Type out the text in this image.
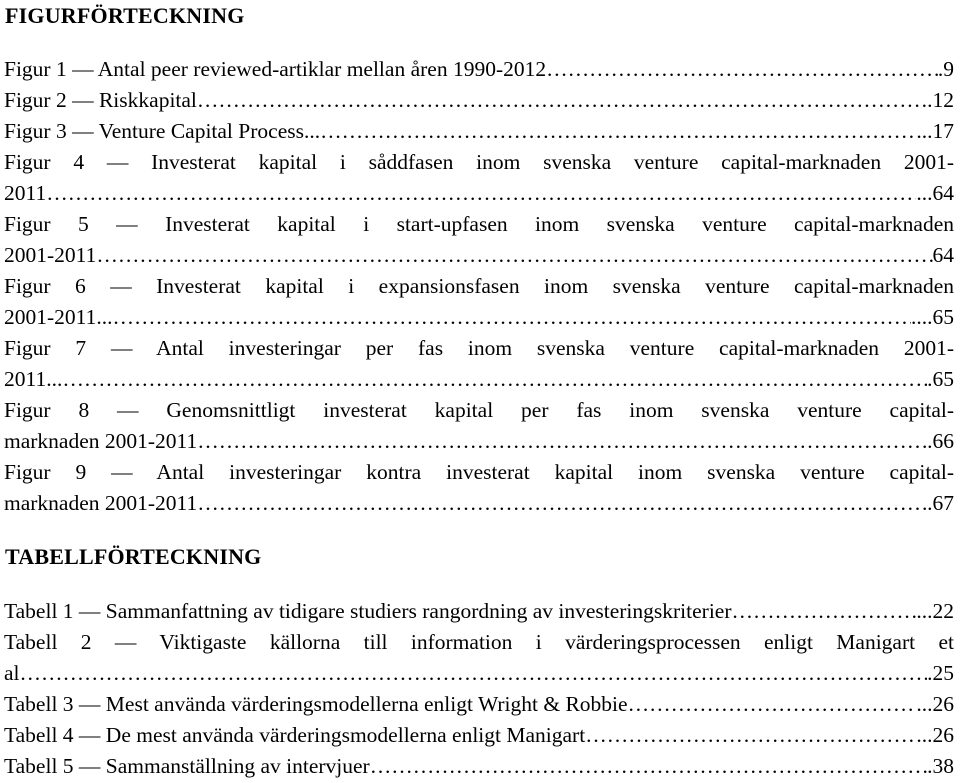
FIGURFÖRTECKNING
Figur 1 — Antal peer reviewed-artiklar mellan åren 1990-2012 …………………………………………………………………………………………………………………………………………………………………………	.9
Figur 2 — Riskkapital …………………………………………………………………………………………………………………………………………………………………………	.12
Figur 3 — Venture Capital Process... …………………………………………………………………………………………………………………………………………………………………………	...17
Figur 4 — Investerat kapital i såddfasen inom svenska venture capital-marknaden 2001-
2011 …………………………………………………………………………………………………………………………………………………………………………	...64
Figur 5 — Investerat kapital i start-upfasen inom svenska venture capital-marknaden
2001-2011 …………………………………………………………………………………………………………………………………………………………………………	64
Figur 6 — Investerat kapital i expansionsfasen inom svenska venture capital-marknaden
2001-2011... …………………………………………………………………………………………………………………………………………………………………………	....65
Figur 7 — Antal investeringar per fas inom svenska venture capital-marknaden 2001-
2011... …………………………………………………………………………………………………………………………………………………………………………	.65
Figur 8 — Genomsnittligt investerat kapital per fas inom svenska venture capital-
marknaden 2001-2011 …………………………………………………………………………………………………………………………………………………………………………	.66
Figur 9 — Antal investeringar kontra investerat kapital inom svenska venture capital-
marknaden 2001-2011 …………………………………………………………………………………………………………………………………………………………………………	.67
TABELLFÖRTECKNING
Tabell 1 — Sammanfattning av tidigare studiers rangordning av investeringskriterier …………………………………………………………………………………………………………………………………………………………………………	...22
Tabell 2 — Viktigaste källorna till information i värderingsprocessen enligt Manigart et
al …………………………………………………………………………………………………………………………………………………………………………	.25
Tabell 3 — Mest använda värderingsmodellerna enligt Wright & Robbie …………………………………………………………………………………………………………………………………………………………………………	...26
Tabell 4 — De mest använda värderingsmodellerna enligt Manigart …………………………………………………………………………………………………………………………………………………………………………	...26
Tabell 5 — Sammanställning av intervjuer …………………………………………………………………………………………………………………………………………………………………………	.38
